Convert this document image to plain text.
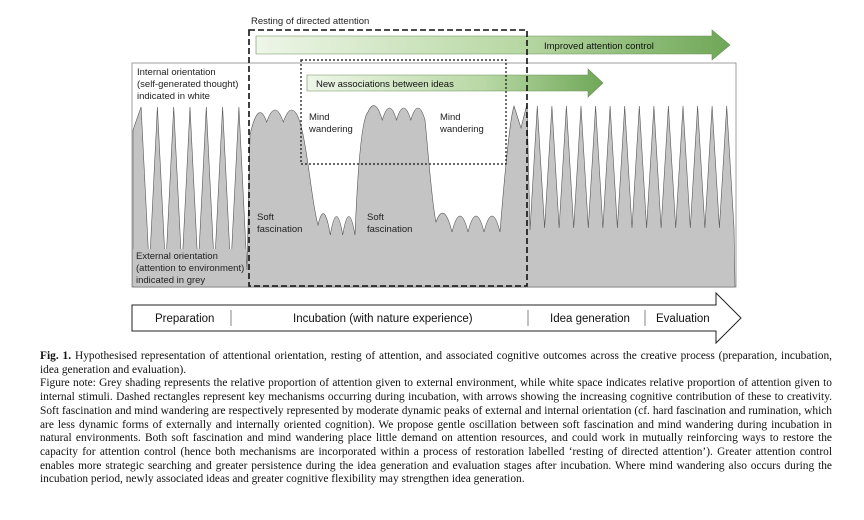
Improved attention control
New associations between ideas
Resting of directed attention
Internal orientation
(self-generated thought)
indicated in white
External orientation
(attention to environment)
indicated in grey
Mind
wandering
Mind
wandering
Soft
fascination
Soft
fascination
Preparation	Incubation (with nature experience)	Idea generation Evaluation

Fig. 1. Hypothesised representation of attentional orientation, resting of attention, and associated cognitive outcomes across the creative process (preparation, incubation, idea generation and evaluation).

Figure note: Grey shading represents the relative proportion of attention given to external environment, while white space indicates relative proportion of attention given to internal stimuli. Dashed rectangles represent key mechanisms occurring during incubation, with arrows showing the increasing cognitive contribution of these to creativity. Soft fascination and mind wandering are respectively represented by moderate dynamic peaks of external and internal orientation (cf. hard fascination and rumination, which are less dynamic forms of externally and internally oriented cognition). We propose gentle oscillation between soft fascination and mind wandering during incubation in natural environments. Both soft fascination and mind wandering place little demand on attention resources, and could work in mutually reinforcing ways to restore the capacity for attention control (hence both mechanisms are incorporated within a process of restoration labelled ‘resting of directed attention’). Greater attention control enables more strategic searching and greater persistence during the idea generation and evaluation stages after incubation. Where mind wandering also occurs during the incubation period, newly associated ideas and greater cognitive flexibility may strengthen idea generation.
